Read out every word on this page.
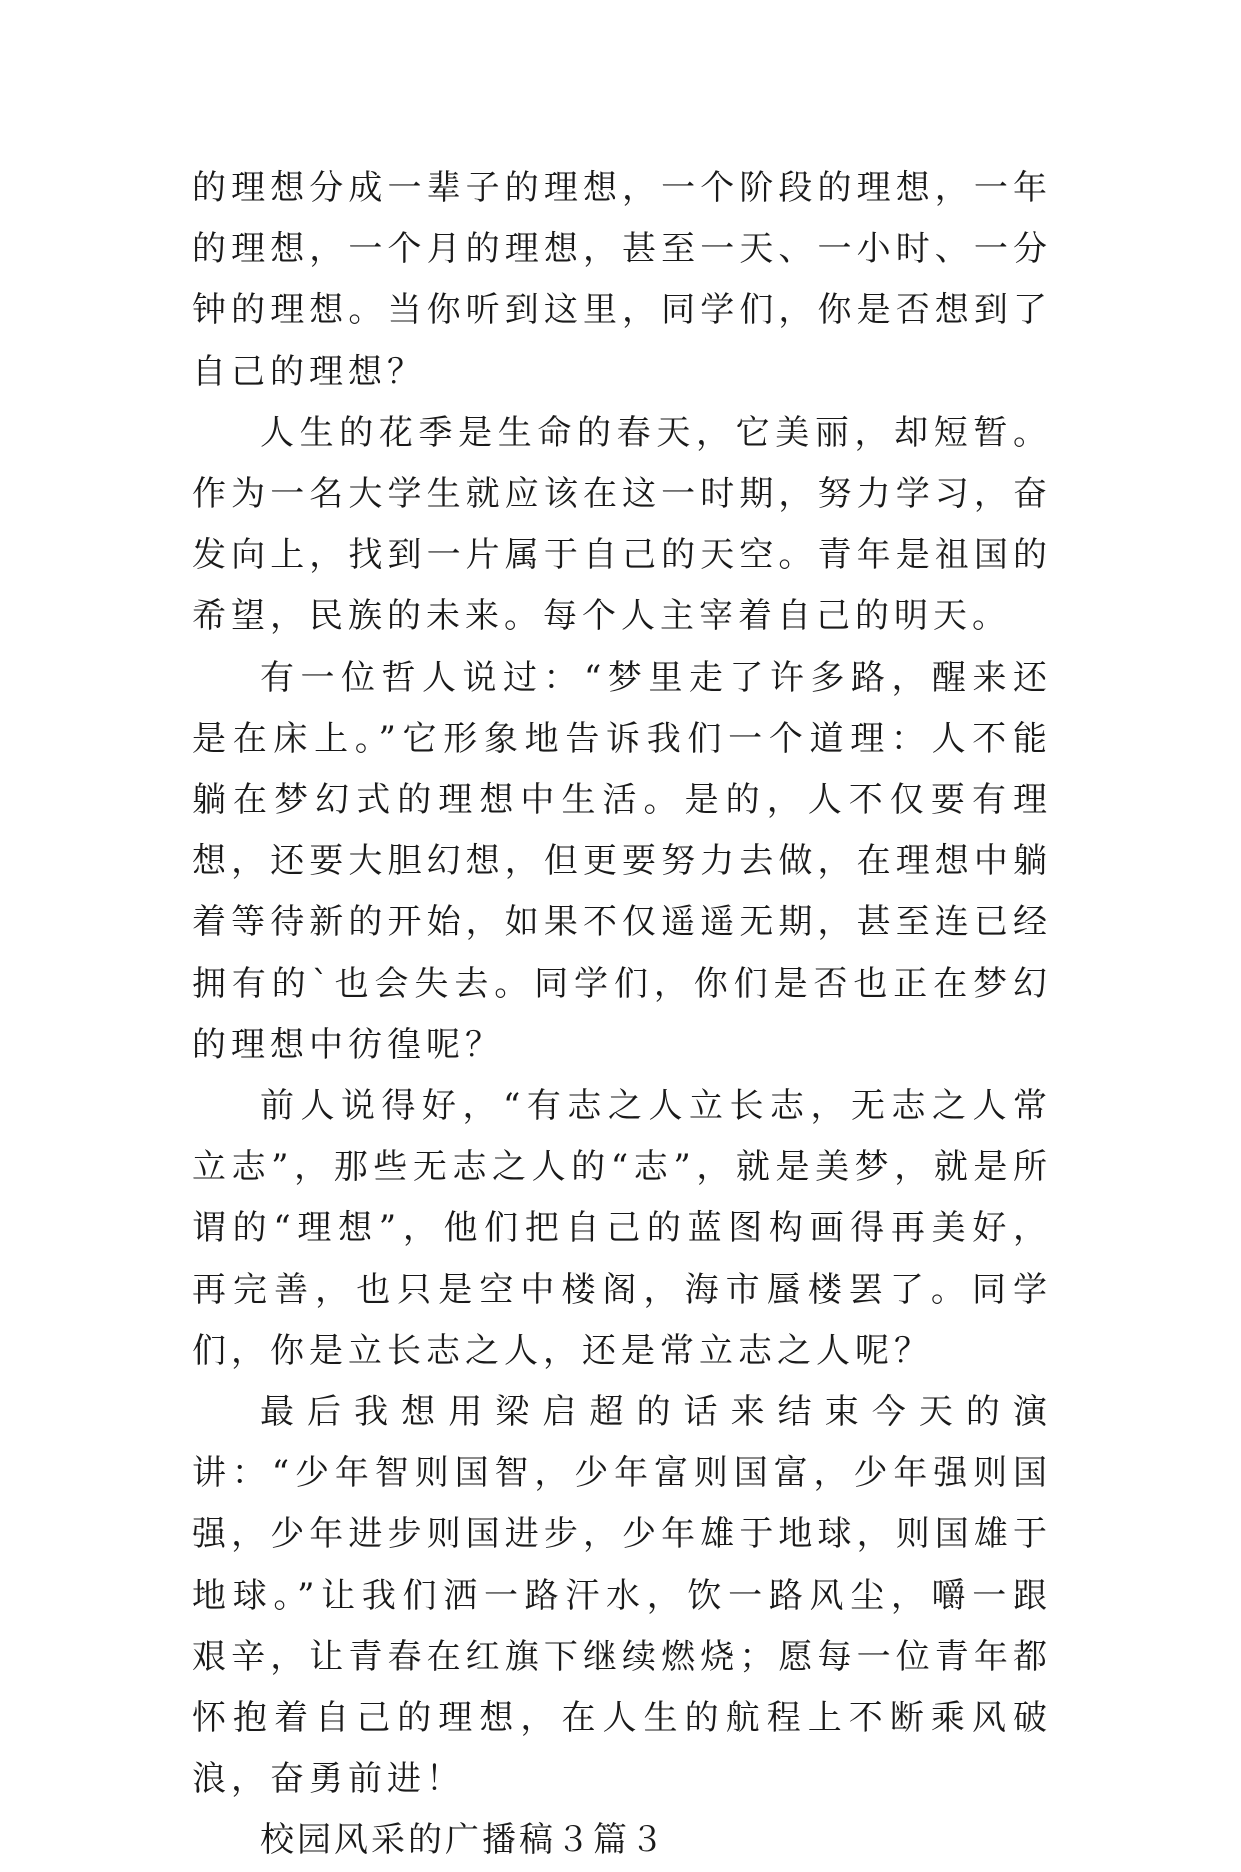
的理想分成一辈子的理想，一个阶段的理想，一年的理想，一个月的理想，甚至一天、一小时、一分钟的理想。当你听到这里，同学们，你是否想到了自己的理想？

人生的花季是生命的春天，它美丽，却短暂。作为一名大学生就应该在这一时期，努力学习，奋发向上，找到一片属于自己的天空。青年是祖国的希望，民族的未来。每个人主宰着自己的明天。

有一位哲人说过：“梦里走了许多路，醒来还是在床上。”它形象地告诉我们一个道理：人不能躺在梦幻式的理想中生活。是的，人不仅要有理想，还要大胆幻想，但更要努力去做，在理想中躺着等待新的开始，如果不仅遥遥无期，甚至连已经拥有的`也会失去。同学们，你们是否也正在梦幻的理想中彷徨呢？

前人说得好，“有志之人立长志，无志之人常立志”，那些无志之人的“志”，就是美梦，就是所谓的“理想”，他们把自己的蓝图构画得再美好，再完善，也只是空中楼阁，海市蜃楼罢了。同学们，你是立长志之人，还是常立志之人呢？

最后我想用梁启超的话来结束今天的演讲：“少年智则国智，少年富则国富，少年强则国强，少年进步则国进步，少年雄于地球，则国雄于地球。”让我们洒一路汗水，饮一路风尘，嚼一跟艰辛，让青春在红旗下继续燃烧；愿每一位青年都怀抱着自己的理想，在人生的航程上不断乘风破浪，奋勇前进！

校园风采的广播稿３篇３
